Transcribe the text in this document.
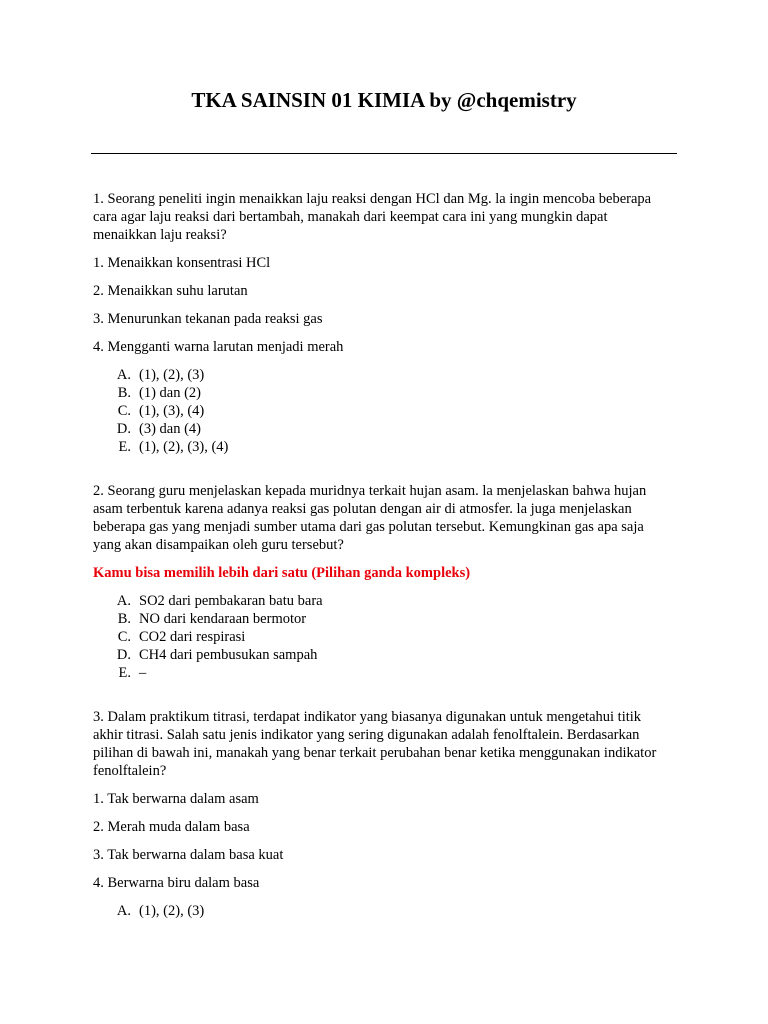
TKA SAINSIN 01 KIMIA by @chqemistry

1. Seorang peneliti ingin menaikkan laju reaksi dengan HCl dan Mg. la ingin mencoba beberapa cara agar laju reaksi dari bertambah, manakah dari keempat cara ini yang mungkin dapat menaikkan laju reaksi?

1. Menaikkan konsentrasi HCl

2. Menaikkan suhu larutan

3. Menurunkan tekanan pada reaksi gas

4. Mengganti warna larutan menjadi merah

A. (1), (2), (3)
B. (1) dan (2)
C. (1), (3), (4)
D. (3) dan (4)
E. (1), (2), (3), (4)

2. Seorang guru menjelaskan kepada muridnya terkait hujan asam. la menjelaskan bahwa hujan asam terbentuk karena adanya reaksi gas polutan dengan air di atmosfer. la juga menjelaskan beberapa gas yang menjadi sumber utama dari gas polutan tersebut. Kemungkinan gas apa saja yang akan disampaikan oleh guru tersebut?

Kamu bisa memilih lebih dari satu (Pilihan ganda kompleks)

A. SO2 dari pembakaran batu bara
B. NO dari kendaraan bermotor
C. CO2 dari respirasi
D. CH4 dari pembusukan sampah
E. –

3. Dalam praktikum titrasi, terdapat indikator yang biasanya digunakan untuk mengetahui titik akhir titrasi. Salah satu jenis indikator yang sering digunakan adalah fenolftalein. Berdasarkan pilihan di bawah ini, manakah yang benar terkait perubahan benar ketika menggunakan indikator fenolftalein?

1. Tak berwarna dalam asam

2. Merah muda dalam basa

3. Tak berwarna dalam basa kuat

4. Berwarna biru dalam basa

A. (1), (2), (3)
